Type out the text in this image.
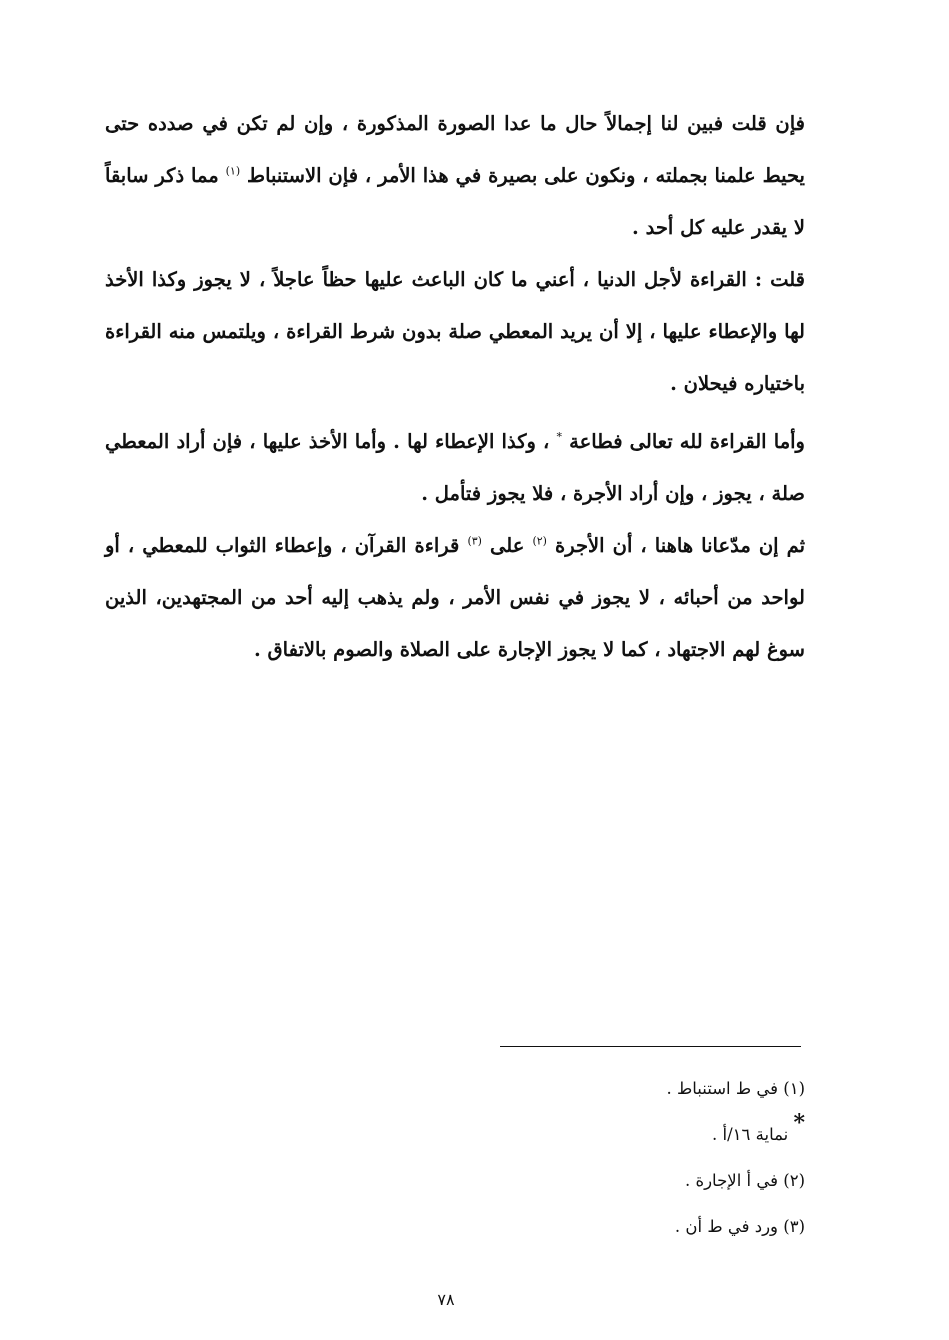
فإن قلت فبين لنا إجمالاً حال ما عدا الصورة المذكورة ، وإن لم تكن في صدده حتى يحيط علمنا بجملته ، ونكون على بصيرة في هذا الأمر ، فإن الاستنباط $^{(١)}$ مما ذكر سابقاً لا يقدر عليه كل أحد .

قلت : القراءة لأجل الدنيا ، أعني ما كان الباعث عليها حظاً عاجلاً ، لا يجوز وكذا الأخذ لها والإعطاء عليها ، إلا أن يريد المعطي صلة بدون شرط القراءة ، ويلتمس منه القراءة باختياره فيحلان .

وأما القراءة لله تعالى فطاعة * ، وكذا الإعطاء لها . وأما الأخذ عليها ، فإن أراد المعطي صلة ، يجوز ، وإن أراد الأجرة ، فلا يجوز فتأمل .

ثم إن مدّعانا هاهنا ، أن الأجرة $^{(٢)}$ على $^{(٣)}$ قراءة القرآن ، وإعطاء الثواب للمعطي ، أو لواحد من أحبائه ، لا يجوز في نفس الأمر ، ولم يذهب إليه أحد من المجتهدين، الذين سوغ لهم الاجتهاد ، كما لا يجوز الإجارة على الصلاة والصوم بالاتفاق .

(١) في ط استنباط .

* نماية ١٦/أ .

(٢) في أ الإجارة .

(٣) ورد في ط أن .

٧٨
